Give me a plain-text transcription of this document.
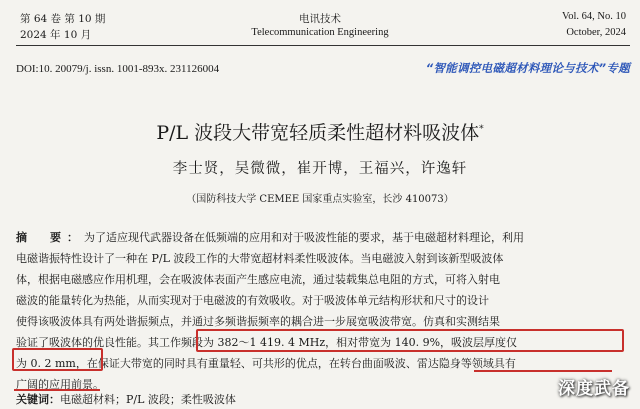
第 64 卷 第 10 期
2024 年 10 月
电讯技术
Telecommunication Engineering
Vol. 64, No. 10
October, 2024
DOI:10. 20079/j. issn. 1001-893x. 231126004	“智能调控电磁超材料理论与技术”专题
P/L 波段大带宽轻质柔性超材料吸波体*
李士贤，吴微微，崔开博，王福兴，许逸轩
（国防科技大学 CEMEE 国家重点实验室，长沙 410073）

摘　要：为了适应现代武器设备在低频端的应用和对于吸波性能的要求，基于电磁超材料理论，利用

电磁谐振特性设计了一种在 P/L 波段工作的大带宽超材料柔性吸波体。当电磁波入射到该新型吸波体

体，根据电磁感应作用机理，会在吸波体表面产生感应电流，通过装载集总电阻的方式，可将入射电

磁波的能量转化为热能，从而实现对于电磁波的有效吸收。对于吸波体单元结构形状和尺寸的设计

使得该吸波体具有两处谐振频点，并通过多频谐振频率的耦合进一步展宽吸波带宽。仿真和实测结果

验证了吸波体的优良性能。其工作频段为 382～1 419. 4 MHz，相对带宽为 140. 9%，吸波层厚度仅

为 0. 2 mm，在保证大带宽的同时具有重量轻、可共形的优点，在转台曲面吸波、雷达隐身等领域具有

广阔的应用前景。

关键词：电磁超材料；P/L 波段；柔性吸波体
深度武备
